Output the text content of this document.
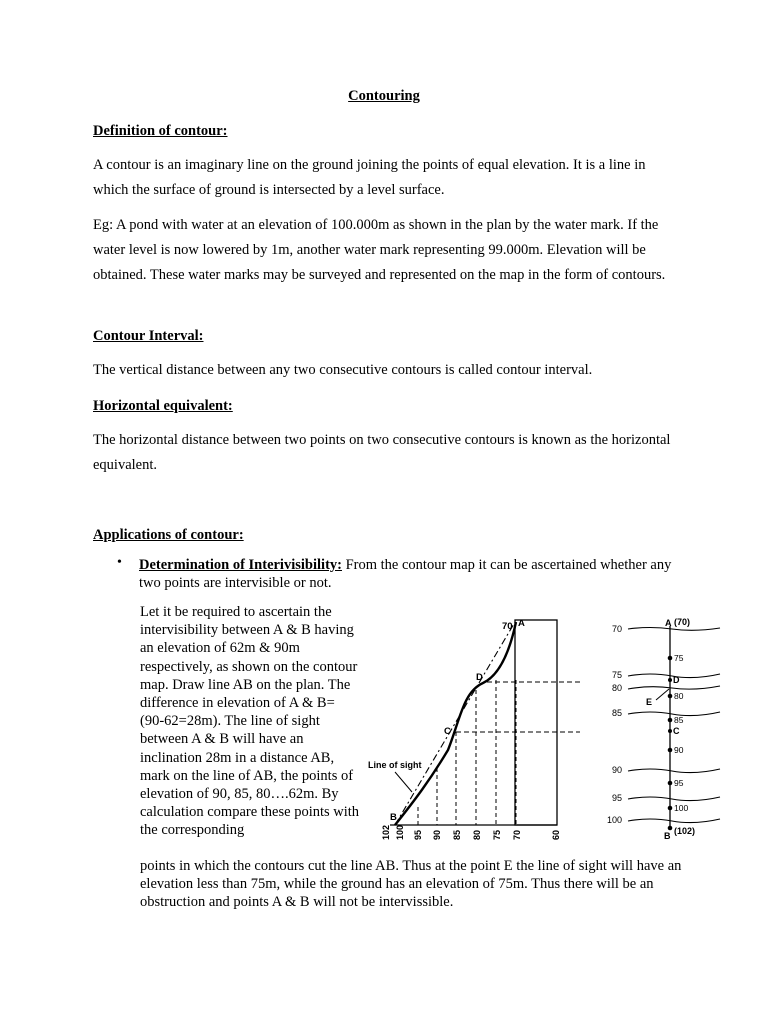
Contouring
Definition of contour:
A contour is an imaginary line on the ground joining the points of equal elevation. It is a line in which the surface of ground is intersected by a level surface.
Eg: A pond with water at an elevation of 100.000m as shown in the plan by the water mark. If the water level is now lowered by 1m, another water mark representing 99.000m. Elevation will be obtained. These water marks may be surveyed and represented on the map in the form of contours.
Contour Interval:
The vertical distance between any two consecutive contours is called contour interval.
Horizontal equivalent:
The horizontal distance between two points on two consecutive contours is known as the horizontal equivalent.
Applications of contour:
• Determination of Interivisibility: From the contour map it can be ascertained whether any two points are intervisible or not.
Let it be required to ascertain the intervisibility between A & B having an elevation of 62m & 90m respectively, as shown on the contour map. Draw line AB on the plan. The difference in elevation of A & B= (90-62=28m). The line of sight between A & B will have an inclination 28m in a distance AB, mark on the line of AB, the points of elevation of 90, 85, 80….62m. By calculation compare these points with the corresponding
points in which the contours cut the line AB. Thus at the point E the line of sight will have an elevation less than 75m, while the ground has an elevation of 75m. Thus there will be an obstruction and points A & B will not be intervissible.
70 A
D
C
B
Line of sight
102 100 95 90 85 80 75 70	60
70
75
80
85
90
95
100
A (70)
D
C
E
B (102)
75
80
85
90
95
100
